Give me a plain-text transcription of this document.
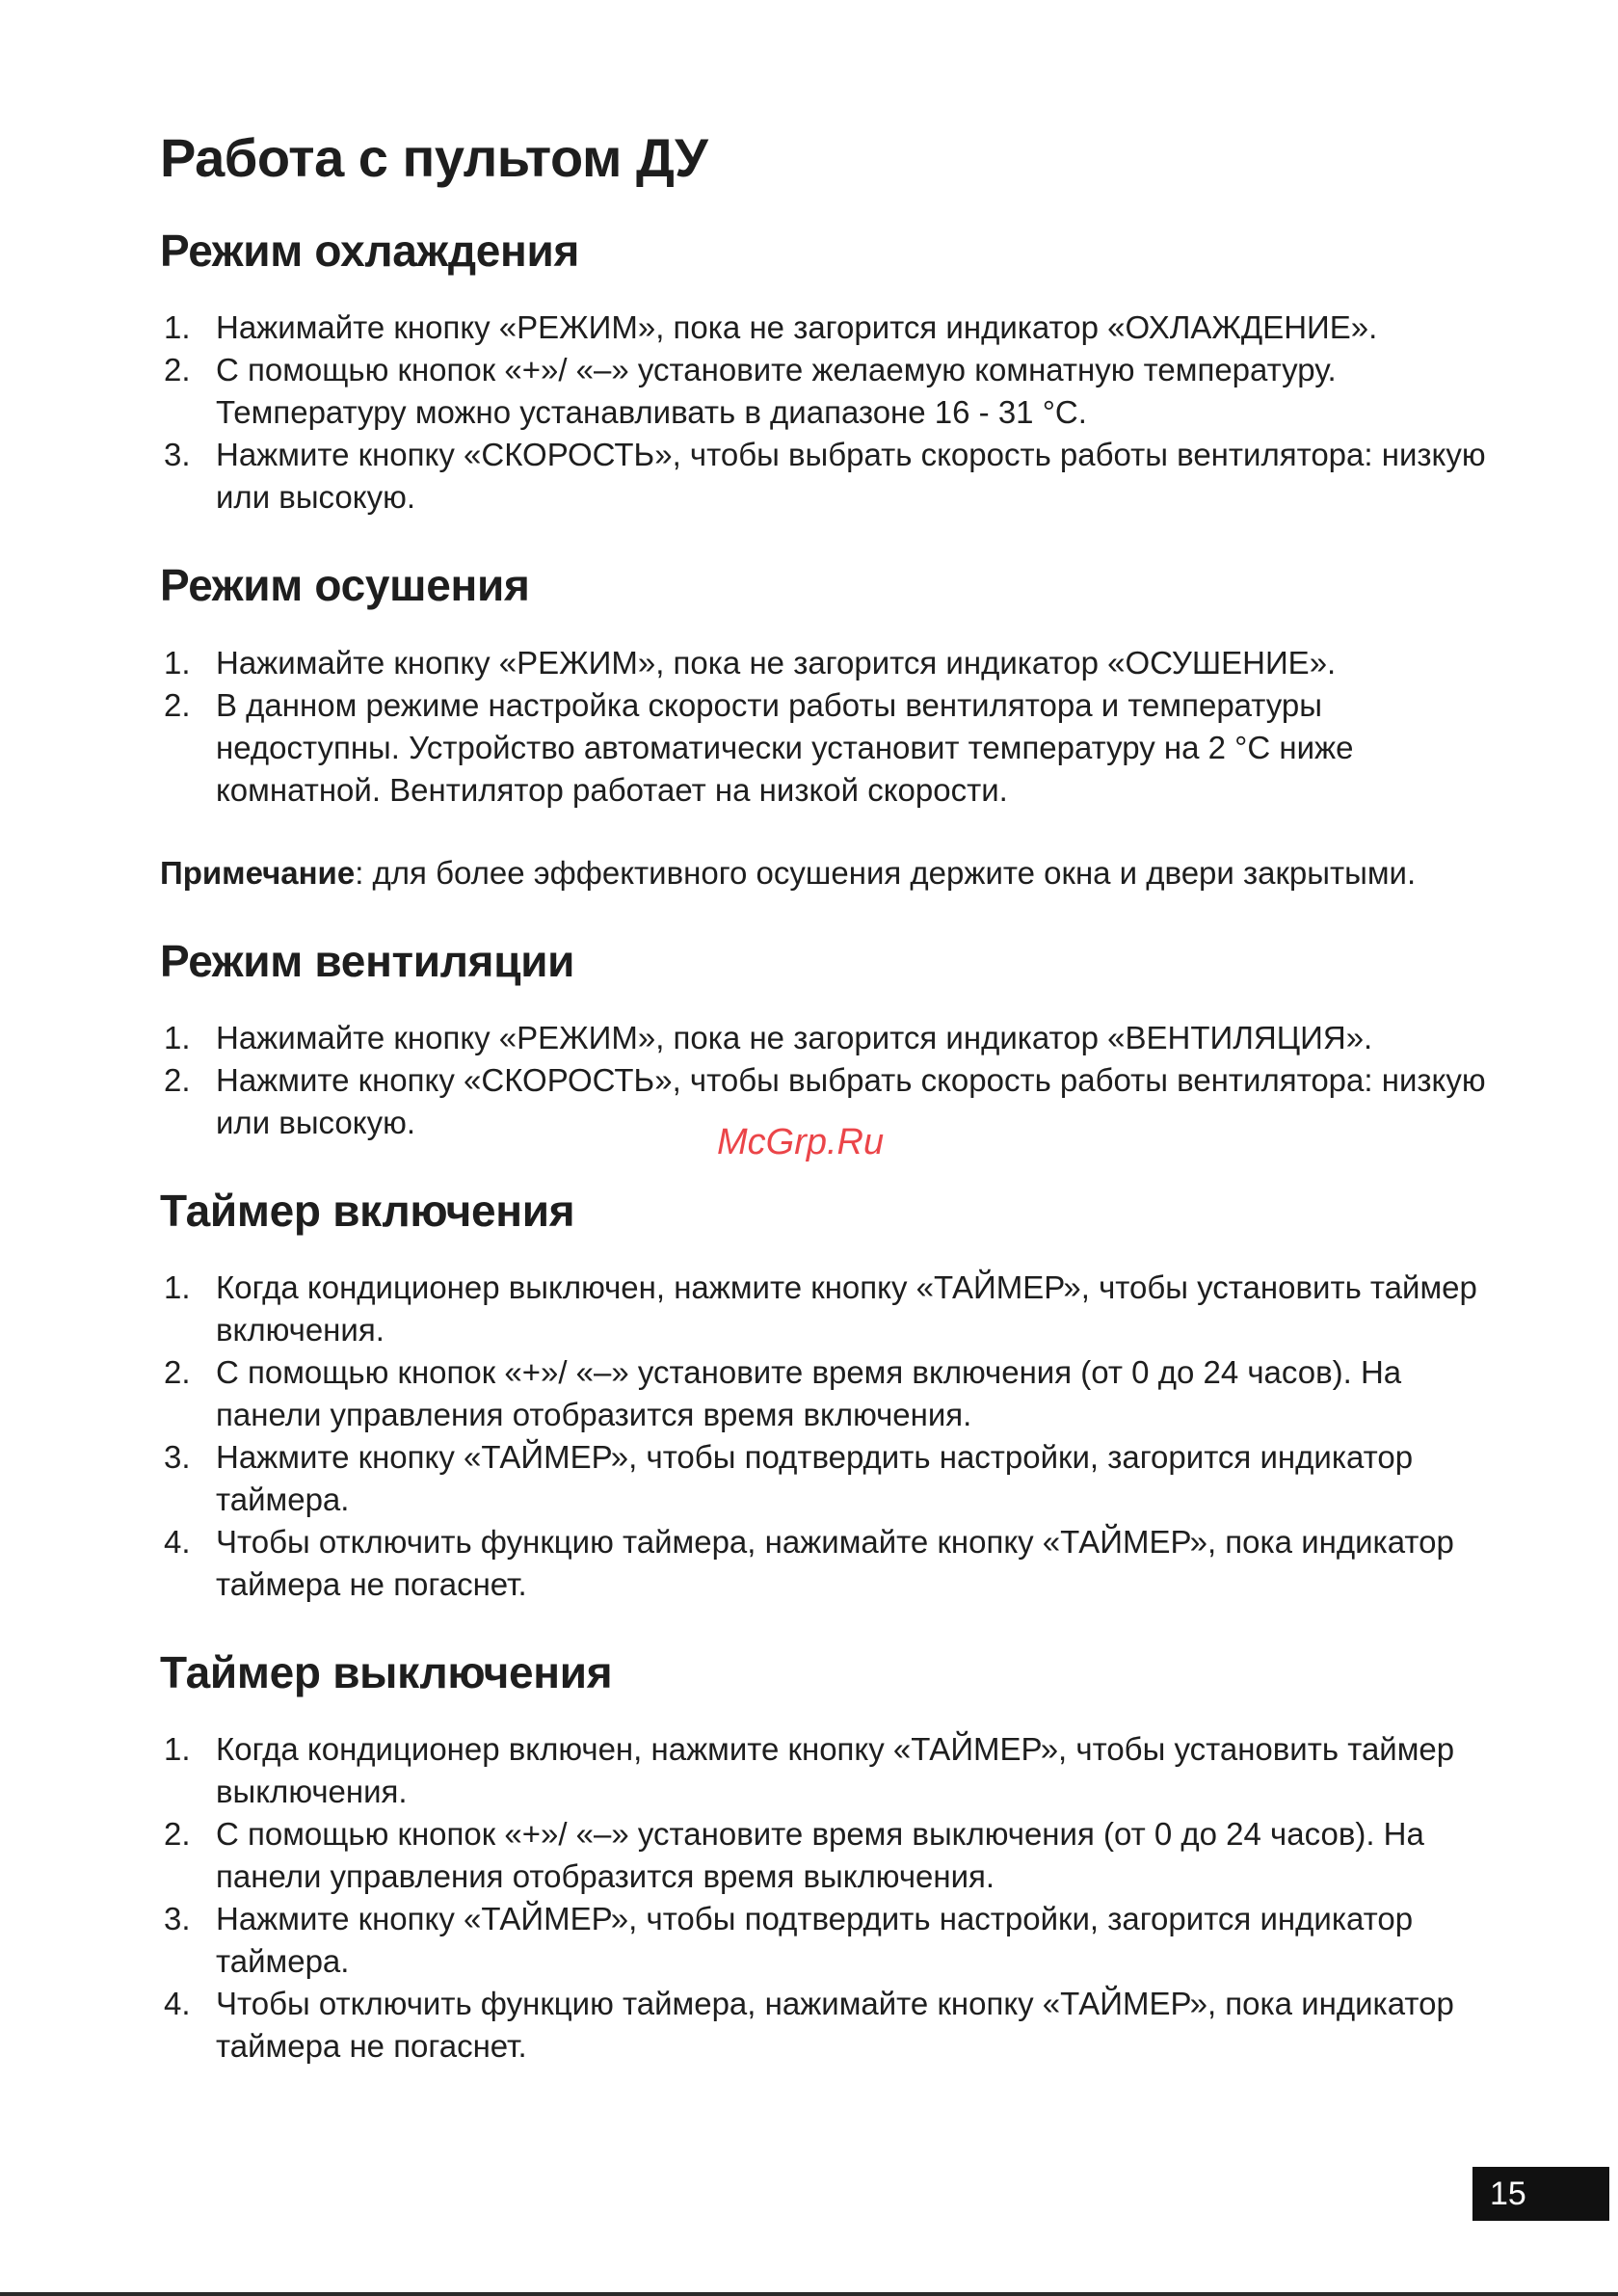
Работа с пультом ДУ
Режим охлаждения
1. Нажимайте кнопку «РЕЖИМ», пока не загорится индикатор «ОХЛАЖДЕНИЕ».
2. С помощью кнопок «+»/ «–» установите желаемую комнатную температуру. Температуру можно устанавливать в диапазоне 16 - 31 °С.
3. Нажмите кнопку «СКОРОСТЬ», чтобы выбрать скорость работы вентилятора: низкую или высокую.
Режим осушения
1. Нажимайте кнопку «РЕЖИМ», пока не загорится индикатор «ОСУШЕНИЕ».
2. В данном режиме настройка скорости работы вентилятора и температуры недоступны. Устройство автоматически установит температуру на 2 °С ниже комнатной. Вентилятор работает на низкой скорости.

Примечание: для более эффективного осушения держите окна и двери закрытыми.

Режим вентиляции
1. Нажимайте кнопку «РЕЖИМ», пока не загорится индикатор «ВЕНТИЛЯЦИЯ».
2. Нажмите кнопку «СКОРОСТЬ», чтобы выбрать скорость работы вентилятора: низкую или высокую.
Таймер включения
1. Когда кондиционер выключен, нажмите кнопку «ТАЙМЕР», чтобы установить таймер включения.
2. С помощью кнопок «+»/ «–» установите время включения (от 0 до 24 часов). На панели управления отобразится время включения.
3. Нажмите кнопку «ТАЙМЕР», чтобы подтвердить настройки, загорится индикатор таймера.
4. Чтобы отключить функцию таймера, нажимайте кнопку «ТАЙМЕР», пока индикатор таймера не погаснет.
Таймер выключения
1. Когда кондиционер включен, нажмите кнопку «ТАЙМЕР», чтобы установить таймер выключения.
2. С помощью кнопок «+»/ «–» установите время выключения (от 0 до 24 часов). На панели управления отобразится время выключения.
3. Нажмите кнопку «ТАЙМЕР», чтобы подтвердить настройки, загорится индикатор таймера.
4. Чтобы отключить функцию таймера, нажимайте кнопку «ТАЙМЕР», пока индикатор таймера не погаснет.
McGrp.Ru
15
